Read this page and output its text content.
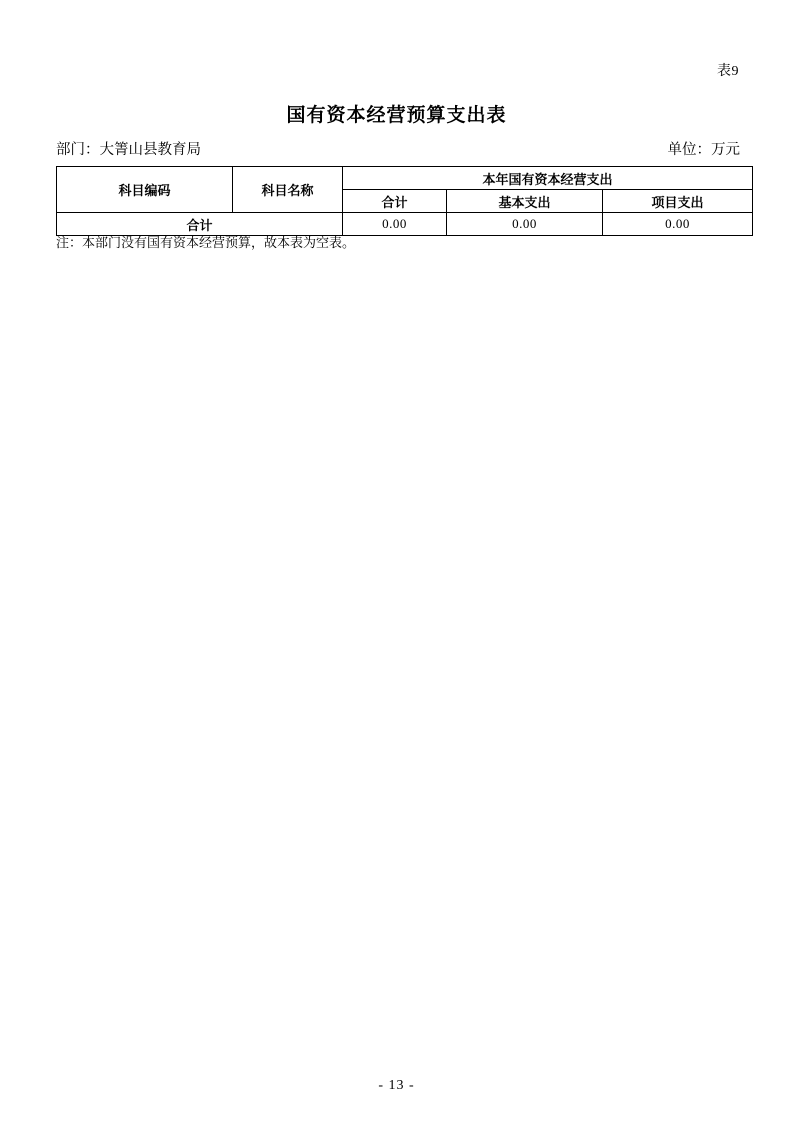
表9
国有资本经营预算支出表
部门：大箐山县教育局	单位：万元
科目编码	科目名称	本年国有资本经营支出		
		合计	基本支出	项目支出
合计		0.00	0.00	0.00
注：本部门没有国有资本经营预算，故本表为空表。
- 13 -
